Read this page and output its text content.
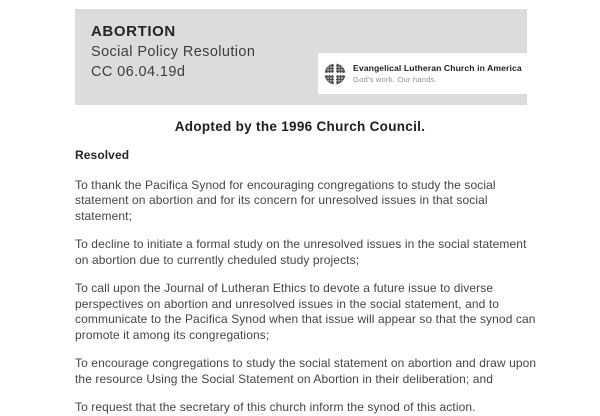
ABORTION
Social Policy Resolution
CC 06.04.19d	Evangelical Lutheran Church in America
God's work. Our hands.
Adopted by the 1996 Church Council.

Resolved

To thank the Pacifica Synod for encouraging congregations to study the social statement on abortion and for its concern for unresolved issues in that social statement;

To decline to initiate a formal study on the unresolved issues in the social statement on abortion due to currently cheduled study projects;

To call upon the Journal of Lutheran Ethics to devote a future issue to diverse perspectives on abortion and unresolved issues in the social statement, and to communicate to the Pacifica Synod when that issue will appear so that the synod can promote it among its congregations;

To encourage congregations to study the social statement on abortion and draw upon the resource Using the Social Statement on Abortion in their deliberation; and

To request that the secretary of this church inform the synod of this action.
